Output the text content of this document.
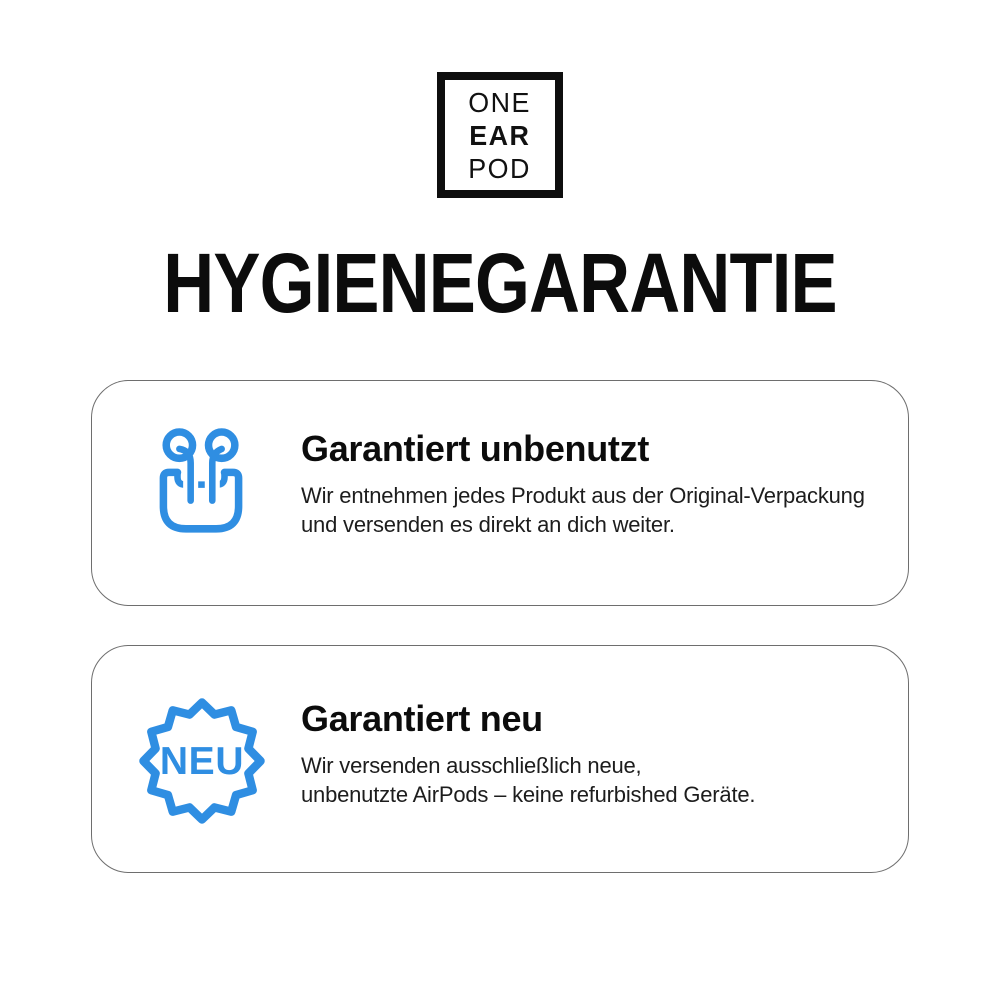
ONE
EAR
POD
HYGIENEGARANTIE
Garantiert unbenutzt

Wir entnehmen jedes Produkt aus der Original-Verpackung
und versenden es direkt an dich weiter.

NEU
Garantiert neu

Wir versenden ausschließlich neue,
unbenutzte AirPods – keine refurbished Geräte.
